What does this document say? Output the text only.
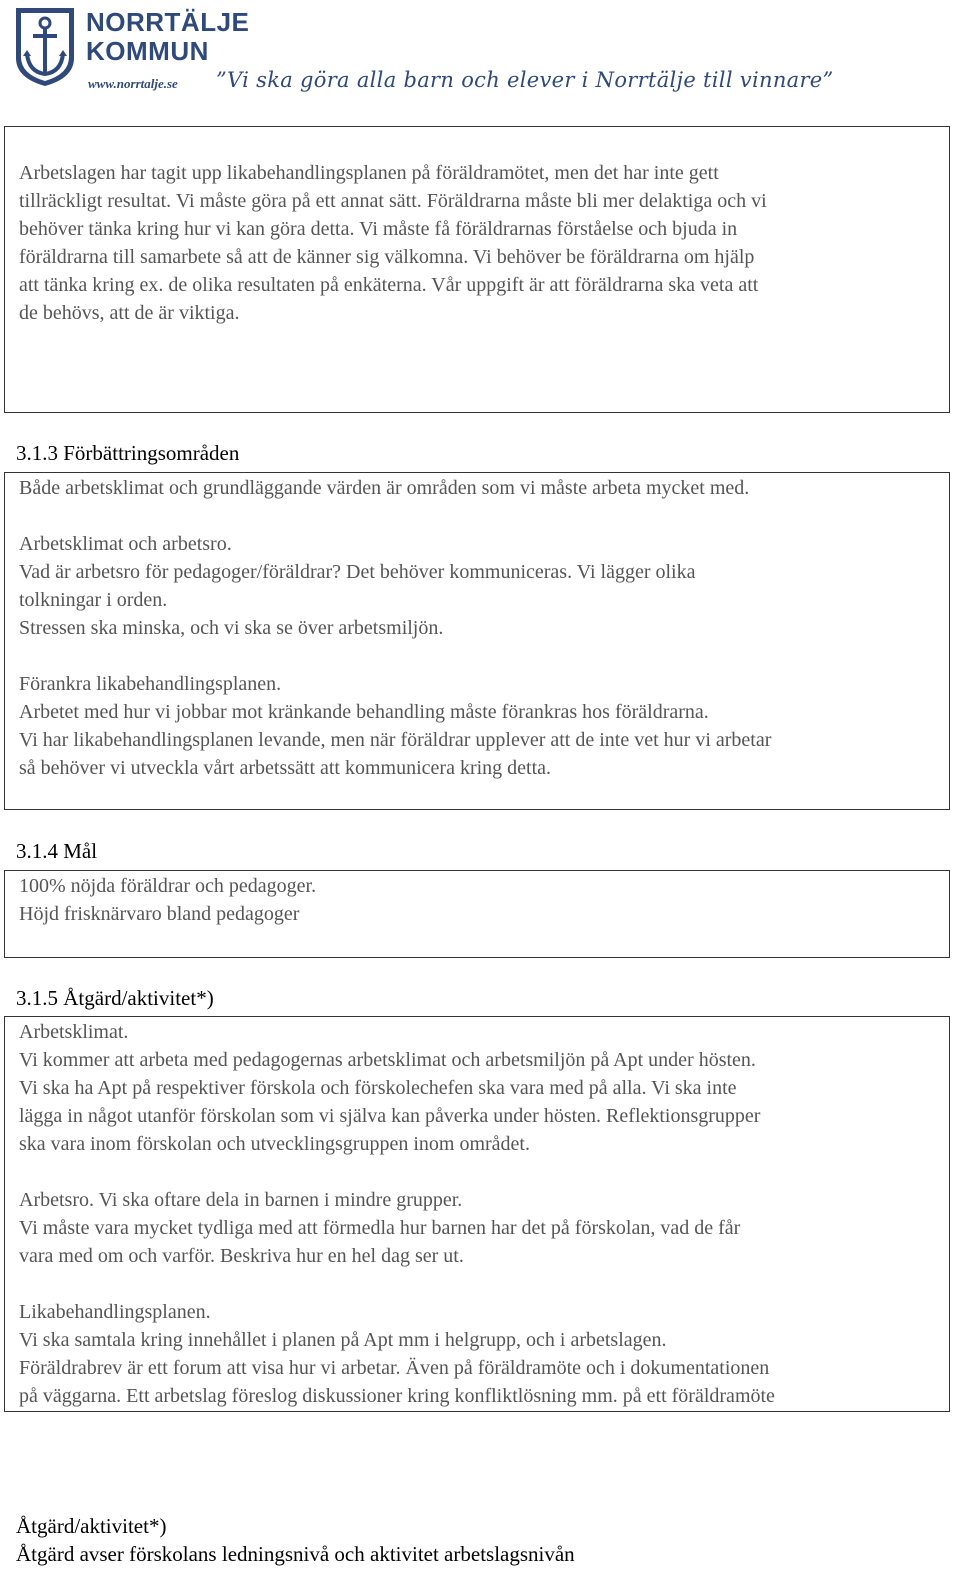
NORRTÄLJE
KOMMUN
www.norrtalje.se ”Vi ska göra alla barn och elever i Norrtälje till vinnare”
Arbetslagen har tagit upp likabehandlingsplanen på föräldramötet, men det har inte gett
tillräckligt resultat. Vi måste göra på ett annat sätt. Föräldrarna måste bli mer delaktiga och vi
behöver tänka kring hur vi kan göra detta. Vi måste få föräldrarnas förståelse och bjuda in
föräldrarna till samarbete så att de känner sig välkomna. Vi behöver be föräldrarna om hjälp
att tänka kring ex. de olika resultaten på enkäterna. Vår uppgift är att föräldrarna ska veta att
de behövs, att de är viktiga.
3.1.3 Förbättringsområden
Både arbetsklimat och grundläggande värden är områden som vi måste arbeta mycket med.
Arbetsklimat och arbetsro.
Vad är arbetsro för pedagoger/föräldrar? Det behöver kommuniceras. Vi lägger olika
tolkningar i orden.
Stressen ska minska, och vi ska se över arbetsmiljön.
Förankra likabehandlingsplanen.
Arbetet med hur vi jobbar mot kränkande behandling måste förankras hos föräldrarna.
Vi har likabehandlingsplanen levande, men när föräldrar upplever att de inte vet hur vi arbetar
så behöver vi utveckla vårt arbetssätt att kommunicera kring detta.
3.1.4 Mål
100% nöjda föräldrar och pedagoger.
Höjd frisknärvaro bland pedagoger
3.1.5 Åtgärd/aktivitet*)
Arbetsklimat.
Vi kommer att arbeta med pedagogernas arbetsklimat och arbetsmiljön på Apt under hösten.
Vi ska ha Apt på respektiver förskola och förskolechefen ska vara med på alla. Vi ska inte
lägga in något utanför förskolan som vi själva kan påverka under hösten. Reflektionsgrupper
ska vara inom förskolan och utvecklingsgruppen inom området.
Arbetsro. Vi ska oftare dela in barnen i mindre grupper.
Vi måste vara mycket tydliga med att förmedla hur barnen har det på förskolan, vad de får
vara med om och varför. Beskriva hur en hel dag ser ut.
Likabehandlingsplanen.
Vi ska samtala kring innehållet i planen på Apt mm i helgrupp, och i arbetslagen.
Föräldrabrev är ett forum att visa hur vi arbetar. Även på föräldramöte och i dokumentationen
på väggarna. Ett arbetslag föreslog diskussioner kring konfliktlösning mm. på ett föräldramöte
Åtgärd/aktivitet*)
Åtgärd avser förskolans ledningsnivå och aktivitet arbetslagsnivån
